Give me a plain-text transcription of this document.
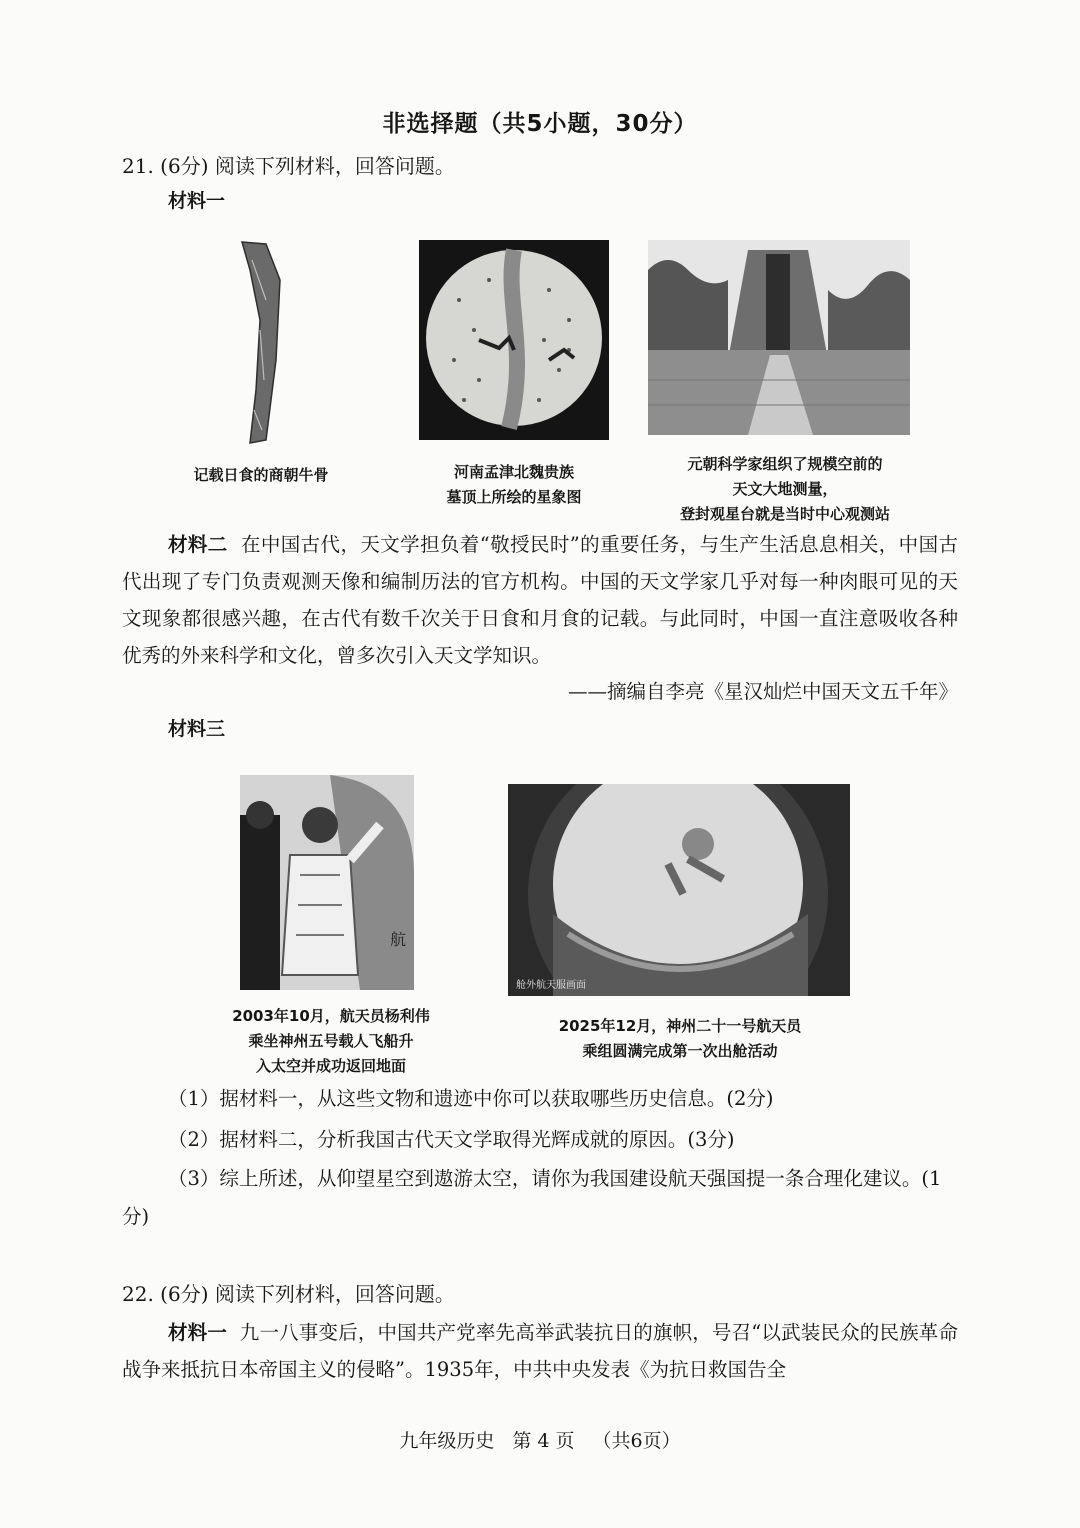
非选择题（共5小题，30分）
21. (6分) 阅读下列材料，回答问题。
材料一
记载日食的商朝牛骨	河南孟津北魏贵族
墓顶上所绘的星象图
元朝科学家组织了规模空前的
天文大地测量，
登封观星台就是当时中心观测站
材料二 在中国古代，天文学担负着“敬授民时”的重要任务，与生产生活息息相关，中国古代出现了专门负责观测天像和编制历法的官方机构。中国的天文学家几乎对每一种肉眼可见的天文现象都很感兴趣，在古代有数千次关于日食和月食的记载。与此同时，中国一直注意吸收各种优秀的外来科学和文化，曾多次引入天文学知识。
——摘编自李亮《星汉灿烂中国天文五千年》
材料三
航
2003年10月，航天员杨利伟
乘坐神州五号载人飞船升
入太空并成功返回地面
舱外航天服画面
2025年12月，神州二十一号航天员
乘组圆满完成第一次出舱活动
（1）据材料一，从这些文物和遗迹中你可以获取哪些历史信息。(2分)
（2）据材料二，分析我国古代天文学取得光辉成就的原因。(3分)
（3）综上所述，从仰望星空到遨游太空，请你为我国建设航天强国提一条合理化建议。(1分)
22. (6分) 阅读下列材料，回答问题。
材料一 九一八事变后，中国共产党率先高举武装抗日的旗帜，号召“以武装民众的民族革命战争来抵抗日本帝国主义的侵略”。1935年，中共中央发表《为抗日救国告全
九年级历史 第 4 页 （共6页）
